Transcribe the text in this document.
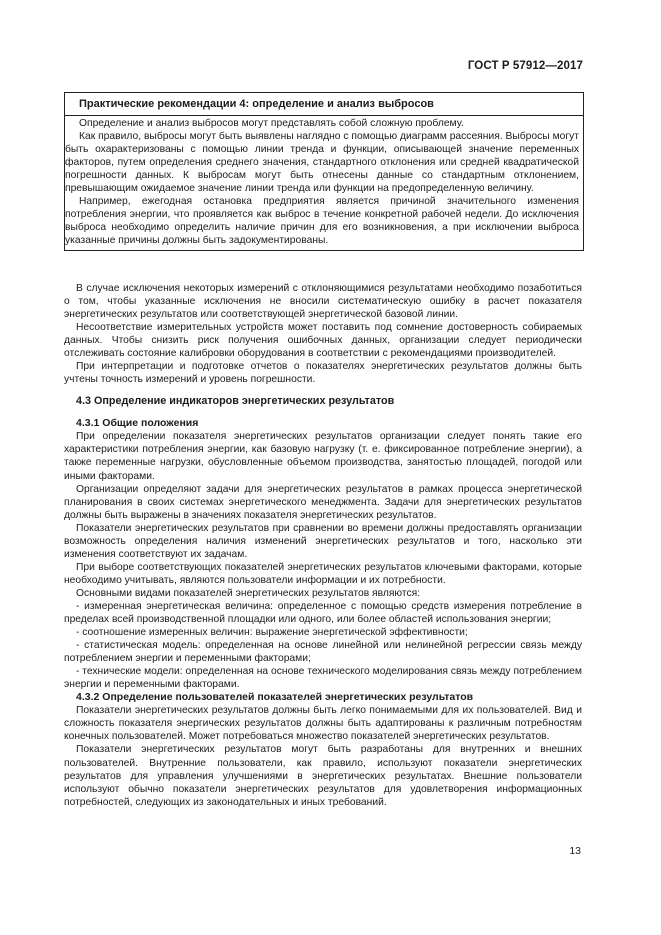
ГОСТ Р 57912—2017
Практические рекомендации 4: определение и анализ выбросов

Определение и анализ выбросов могут представлять собой сложную проблему.

Как правило, выбросы могут быть выявлены наглядно с помощью диаграмм рассеяния. Выбросы могут быть охарактеризованы с помощью линии тренда и функции, описывающей значение переменных факторов, путем определения среднего значения, стандартного отклонения или средней квадратической погрешности данных. К выбросам могут быть отнесены данные со стандартным отклонением, превышающим ожидаемое значение линии тренда или функции на предопределенную величину.

Например, ежегодная остановка предприятия является причиной значительного изменения потребления энергии, что проявляется как выброс в течение конкретной рабочей недели. До исключения выброса необходимо определить наличие причин для его возникновения, а при исключении выброса указанные причины должны быть задокументированы.

В случае исключения некоторых измерений с отклоняющимися результатами необходимо позаботиться о том, чтобы указанные исключения не вносили систематическую ошибку в расчет показателя энергетических результатов или соответствующей энергетической базовой линии.

Несоответствие измерительных устройств может поставить под сомнение достоверность собираемых данных. Чтобы снизить риск получения ошибочных данных, организации следует периодически отслеживать состояние калибровки оборудования в соответствии с рекомендациями производителей.

При интерпретации и подготовке отчетов о показателях энергетических результатов должны быть учтены точность измерений и уровень погрешности.

4.3 Определение индикаторов энергетических результатов
4.3.1 Общие положения

При определении показателя энергетических результатов организации следует понять такие его характеристики потребления энергии, как базовую нагрузку (т. е. фиксированное потребление энергии), а также переменные нагрузки, обусловленные объемом производства, занятостью площадей, погодой или иными факторами.

Организации определяют задачи для энергетических результатов в рамках процесса энергетической планирования в своих системах энергетического менеджмента. Задачи для энергетических результатов должны быть выражены в значениях показателя энергетических результатов.

Показатели энергетических результатов при сравнении во времени должны предоставлять организации возможность определения наличия изменений энергетических результатов и того, насколько эти изменения соответствуют их задачам.

При выборе соответствующих показателей энергетических результатов ключевыми факторами, которые необходимо учитывать, являются пользователи информации и их потребности.

Основными видами показателей энергетических результатов являются:

- измеренная энергетическая величина: определенное с помощью средств измерения потребление в пределах всей производственной площадки или одного, или более областей использования энергии;

- соотношение измеренных величин: выражение энергетической эффективности;

- статистическая модель: определенная на основе линейной или нелинейной регрессии связь между потреблением энергии и переменными факторами;

- технические модели: определенная на основе технического моделирования связь между потреблением энергии и переменными факторами.

4.3.2 Определение пользователей показателей энергетических результатов

Показатели энергетических результатов должны быть легко понимаемыми для их пользователей. Вид и сложность показателя энергических результатов должны быть адаптированы к различным потребностям конечных пользователей. Может потребоваться множество показателей энергетических результатов.

Показатели энергетических результатов могут быть разработаны для внутренних и внешних пользователей. Внутренние пользователи, как правило, используют показатели энергетических результатов для управления улучшениями в энергетических результатах. Внешние пользователи используют обычно показатели энергетических результатов для удовлетворения информационных потребностей, следующих из законодательных и иных требований.

13
